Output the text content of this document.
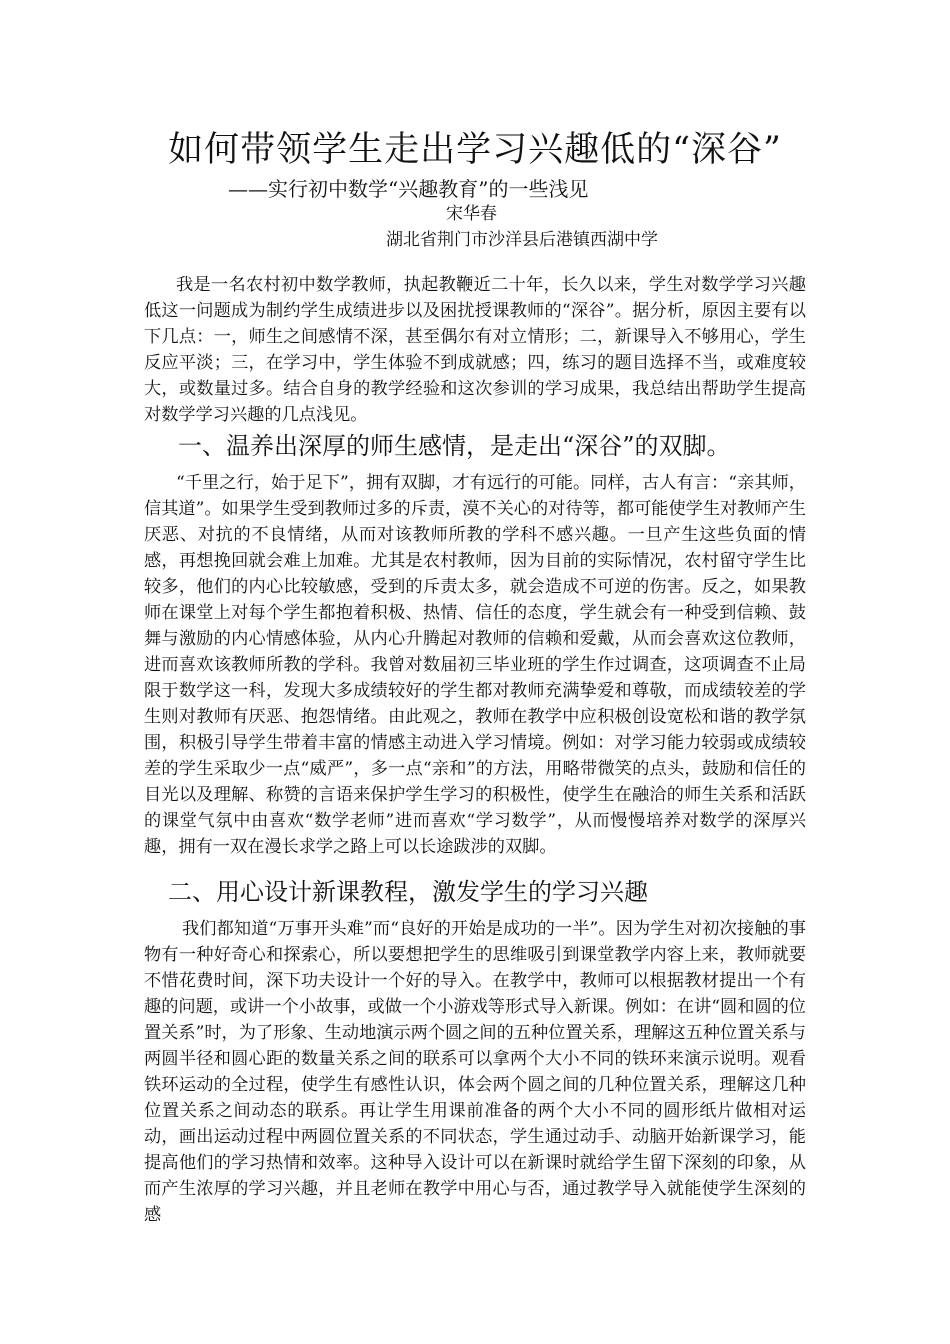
如何带领学生走出学习兴趣低的“深谷”
——实行初中数学“兴趣教育”的一些浅见
宋华春
湖北省荆门市沙洋县后港镇西湖中学

我是一名农村初中数学教师，执起教鞭近二十年，长久以来，学生对数学学习兴趣低这一问题成为制约学生成绩进步以及困扰授课教师的“深谷”。据分析，原因主要有以下几点：一，师生之间感情不深，甚至偶尔有对立情形；二，新课导入不够用心，学生反应平淡；三，在学习中，学生体验不到成就感；四，练习的题目选择不当，或难度较大，或数量过多。结合自身的教学经验和这次参训的学习成果，我总结出帮助学生提高对数学学习兴趣的几点浅见。

一、温养出深厚的师生感情，是走出“深谷”的双脚。

“千里之行，始于足下”，拥有双脚，才有远行的可能。同样，古人有言：“亲其师，信其道”。如果学生受到教师过多的斥责，漠不关心的对待等，都可能使学生对教师产生厌恶、对抗的不良情绪，从而对该教师所教的学科不感兴趣。一旦产生这些负面的情感，再想挽回就会难上加难。尤其是农村教师，因为目前的实际情况，农村留守学生比较多，他们的内心比较敏感，受到的斥责太多，就会造成不可逆的伤害。反之，如果教师在课堂上对每个学生都抱着积极、热情、信任的态度，学生就会有一种受到信赖、鼓舞与激励的内心情感体验，从内心升腾起对教师的信赖和爱戴，从而会喜欢这位教师，进而喜欢该教师所教的学科。我曾对数届初三毕业班的学生作过调查，这项调查不止局限于数学这一科，发现大多成绩较好的学生都对教师充满挚爱和尊敬，而成绩较差的学生则对教师有厌恶、抱怨情绪。由此观之，教师在教学中应积极创设宽松和谐的教学氛围，积极引导学生带着丰富的情感主动进入学习情境。例如：对学习能力较弱或成绩较差的学生采取少一点“威严”，多一点“亲和”的方法，用略带微笑的点头，鼓励和信任的目光以及理解、称赞的言语来保护学生学习的积极性，使学生在融洽的师生关系和活跃的课堂气氛中由喜欢“数学老师”进而喜欢“学习数学”，从而慢慢培养对数学的深厚兴趣，拥有一双在漫长求学之路上可以长途跋涉的双脚。

二、用心设计新课教程，激发学生的学习兴趣

我们都知道“万事开头难”而“良好的开始是成功的一半”。因为学生对初次接触的事物有一种好奇心和探索心，所以要想把学生的思维吸引到课堂教学内容上来，教师就要不惜花费时间，深下功夫设计一个好的导入。在教学中，教师可以根据教材提出一个有趣的问题，或讲一个小故事，或做一个小游戏等形式导入新课。例如：在讲“圆和圆的位置关系”时，为了形象、生动地演示两个圆之间的五种位置关系，理解这五种位置关系与两圆半径和圆心距的数量关系之间的联系可以拿两个大小不同的铁环来演示说明。观看铁环运动的全过程，使学生有感性认识，体会两个圆之间的几种位置关系，理解这几种位置关系之间动态的联系。再让学生用课前准备的两个大小不同的圆形纸片做相对运动，画出运动过程中两圆位置关系的不同状态，学生通过动手、动脑开始新课学习，能提高他们的学习热情和效率。这种导入设计可以在新课时就给学生留下深刻的印象，从而产生浓厚的学习兴趣，并且老师在教学中用心与否，通过教学导入就能使学生深刻的感
